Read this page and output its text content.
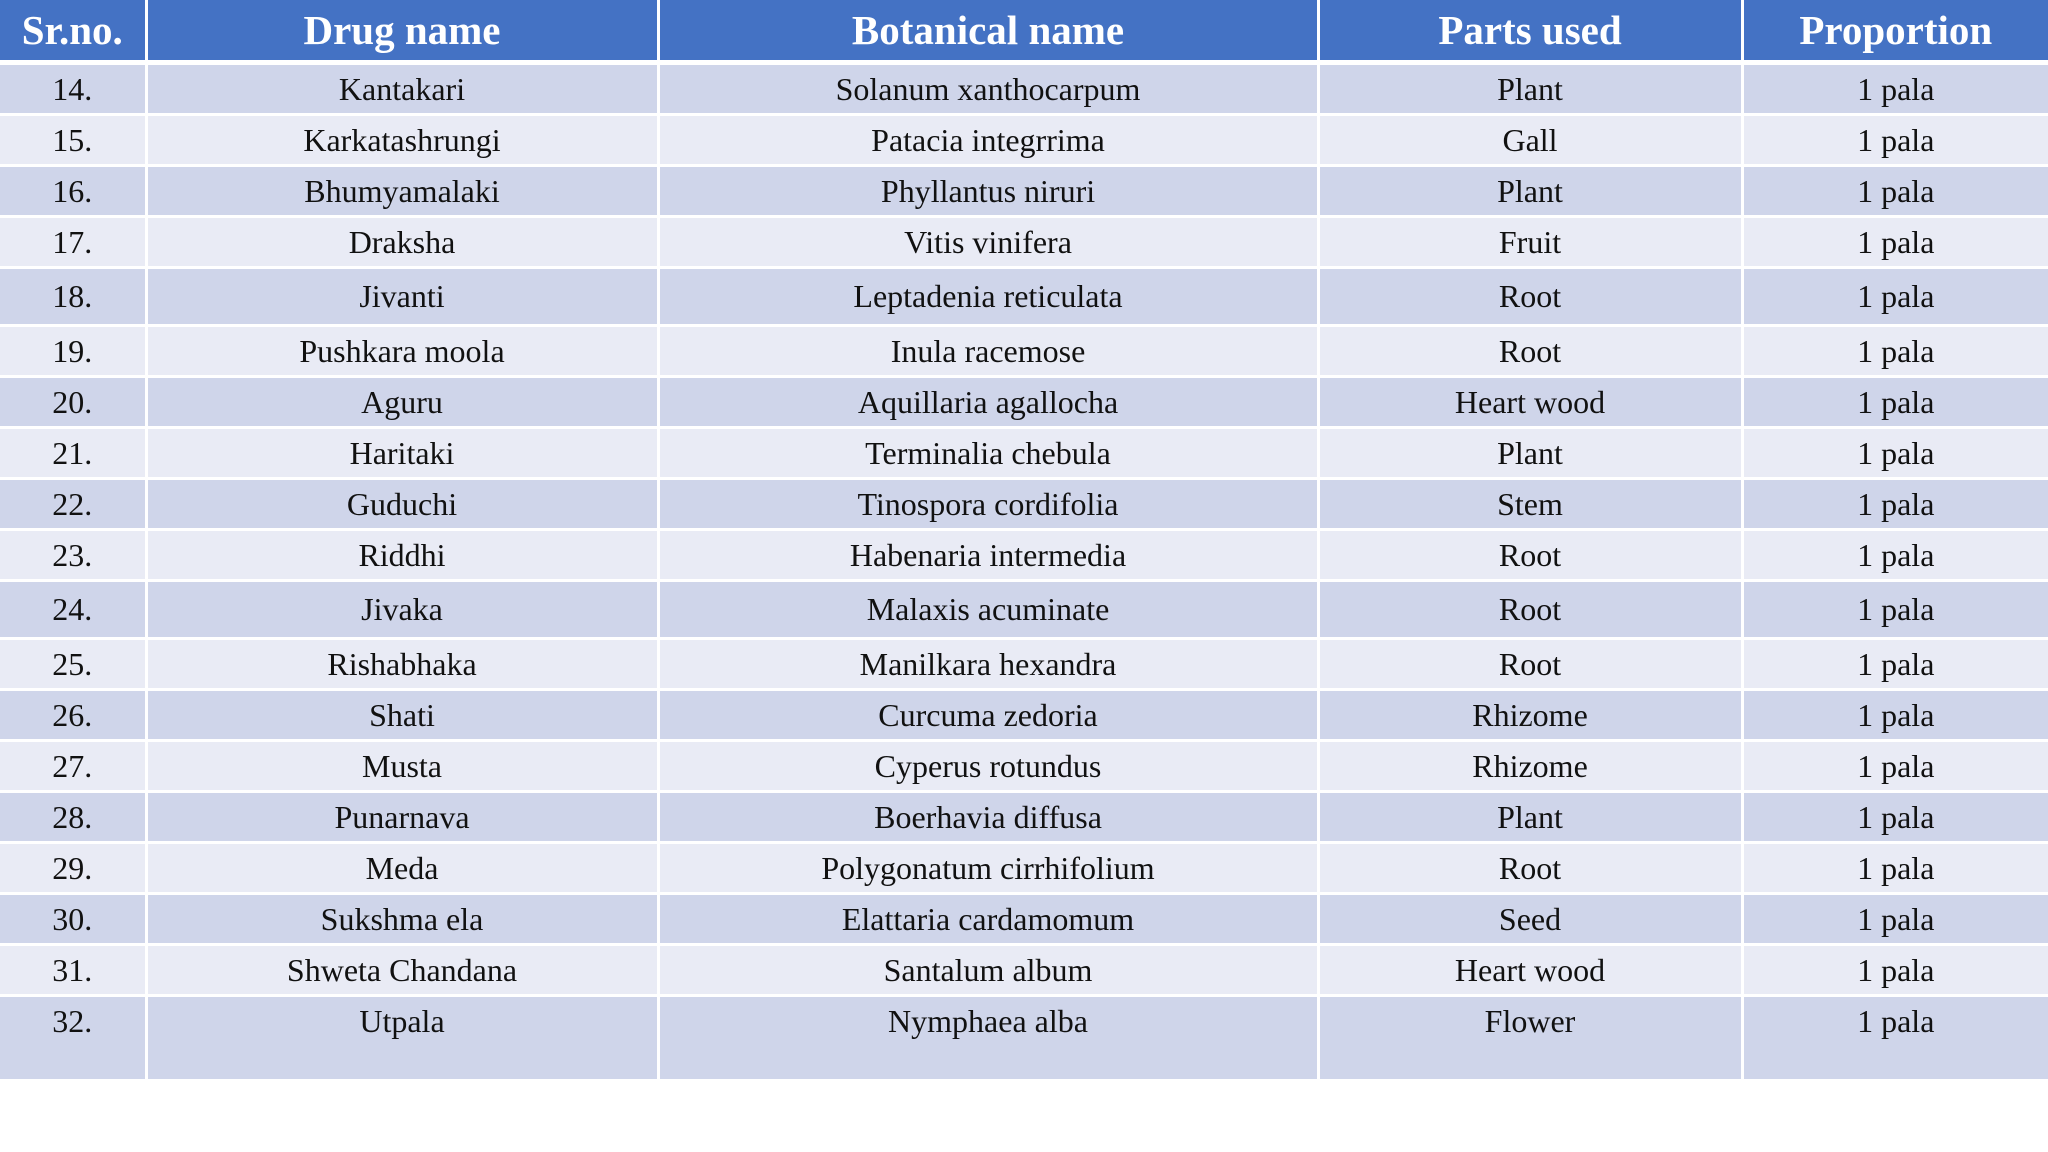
Sr.no.	Drug name	Botanical name	Parts used	Proportion
14.	Kantakari	Solanum xanthocarpum	Plant	1 pala
15.	Karkatashrungi	Patacia integrrima	Gall	1 pala
16.	Bhumyamalaki	Phyllantus niruri	Plant	1 pala
17.	Draksha	Vitis vinifera	Fruit	1 pala
18.	Jivanti	Leptadenia reticulata	Root	1 pala
19.	Pushkara moola	Inula racemose	Root	1 pala
20.	Aguru	Aquillaria agallocha	Heart wood	1 pala
21.	Haritaki	Terminalia chebula	Plant	1 pala
22.	Guduchi	Tinospora cordifolia	Stem	1 pala
23.	Riddhi	Habenaria intermedia	Root	1 pala
24.	Jivaka	Malaxis acuminate	Root	1 pala
25.	Rishabhaka	Manilkara hexandra	Root	1 pala
26.	Shati	Curcuma zedoria	Rhizome	1 pala
27.	Musta	Cyperus rotundus	Rhizome	1 pala
28.	Punarnava	Boerhavia diffusa	Plant	1 pala
29.	Meda	Polygonatum cirrhifolium	Root	1 pala
30.	Sukshma ela	Elattaria cardamomum	Seed	1 pala
31.	Shweta Chandana	Santalum album	Heart wood	1 pala
32.	Utpala	Nymphaea alba	Flower	1 pala
